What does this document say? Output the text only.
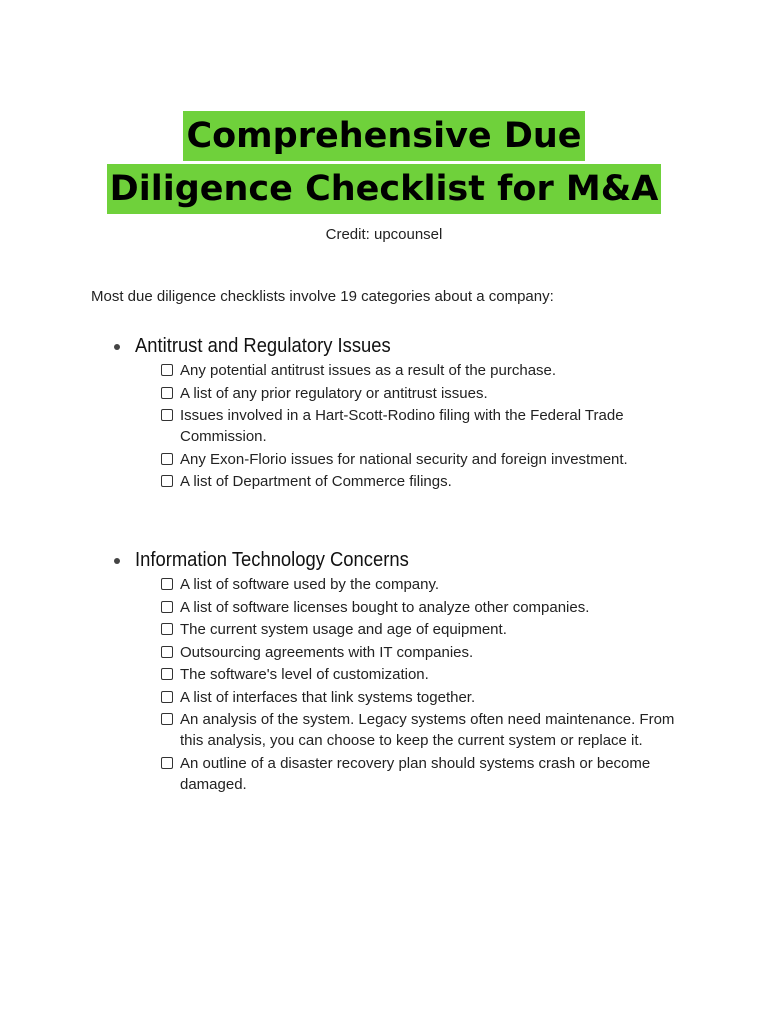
Comprehensive Due
Diligence Checklist for M&A
Credit: upcounsel
Most due diligence checklists involve 19 categories about a company:
Antitrust and Regulatory Issues
Any potential antitrust issues as a result of the purchase.
A list of any prior regulatory or antitrust issues.
Issues involved in a Hart-Scott-Rodino filing with the Federal Trade Commission.
Any Exon-Florio issues for national security and foreign investment.
A list of Department of Commerce filings.
Information Technology Concerns
A list of software used by the company.
A list of software licenses bought to analyze other companies.
The current system usage and age of equipment.
Outsourcing agreements with IT companies.
The software's level of customization.
A list of interfaces that link systems together.
An analysis of the system. Legacy systems often need maintenance. From this analysis, you can choose to keep the current system or replace it.
An outline of a disaster recovery plan should systems crash or become damaged.
